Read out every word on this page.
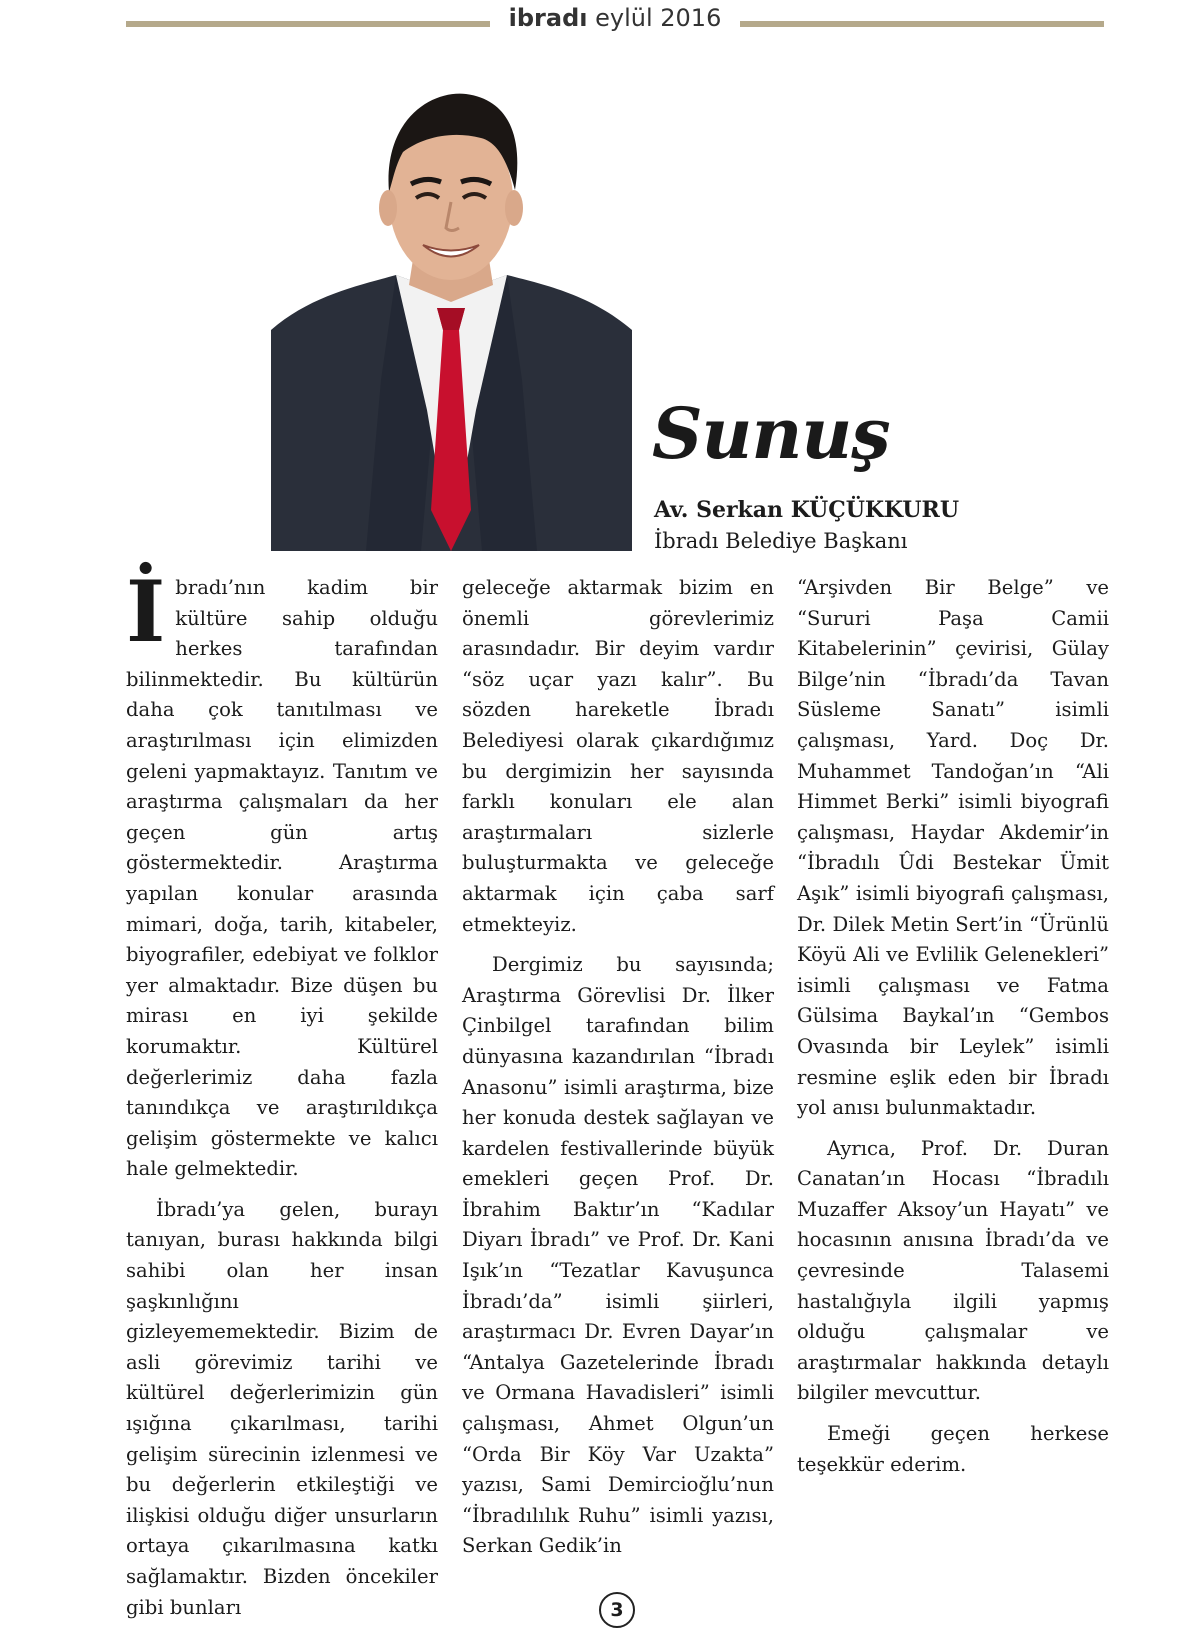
ibradı eylül 2016
Sunuş
Av. Serkan KÜÇÜKKURU
İbradı Belediye Başkanı

İbradı’nın kadim bir kültüre sahip olduğu herkes tarafından bilinmektedir. Bu kültürün daha çok tanıtılması ve araştırılması için elimizden geleni yapmaktayız. Tanıtım ve araştırma çalışmaları da her geçen gün artış göstermektedir. Araştırma yapılan konular arasında mimari, doğa, tarih, kitabeler, biyografiler, edebiyat ve folklor yer almaktadır. Bize düşen bu mirası en iyi şekilde korumaktır. Kültürel değerlerimiz daha fazla tanındıkça ve araştırıldıkça gelişim göstermekte ve kalıcı hale gelmektedir.

İbradı’ya gelen, burayı tanıyan, burası hakkında bilgi sahibi olan her insan şaşkınlığını gizleyememektedir. Bizim de asli görevimiz tarihi ve kültürel değerlerimizin gün ışığına çıkarılması, tarihi gelişim sürecinin izlenmesi ve bu değerlerin etkileştiği ve ilişkisi olduğu diğer unsurların ortaya çıkarılmasına katkı sağlamaktır. Bizden öncekiler gibi bunları

geleceğe aktarmak bizim en önemli görevlerimiz arasındadır. Bir deyim vardır “söz uçar yazı kalır”. Bu sözden hareketle İbradı Belediyesi olarak çıkardığımız bu dergimizin her sayısında farklı konuları ele alan araştırmaları sizlerle buluşturmakta ve geleceğe aktarmak için çaba sarf etmekteyiz.

Dergimiz bu sayısında; Araştırma Görevlisi Dr. İlker Çinbilgel tarafından bilim dünyasına kazandırılan “İbradı Anasonu” isimli araştırma, bize her konuda destek sağlayan ve kardelen festivallerinde büyük emekleri geçen Prof. Dr. İbrahim Baktır’ın “Kadılar Diyarı İbradı” ve Prof. Dr. Kani Işık’ın “Tezatlar Kavuşunca İbradı’da” isimli şiirleri, araştırmacı Dr. Evren Dayar’ın “Antalya Gazetelerinde İbradı ve Ormana Havadisleri” isimli çalışması, Ahmet Olgun’un “Orda Bir Köy Var Uzakta” yazısı, Sami Demircioğlu’nun “İbradılılık Ruhu” isimli yazısı, Serkan Gedik’in

“Arşivden Bir Belge” ve “Sururi Paşa Camii Kitabelerinin” çevirisi, Gülay Bilge’nin “İbradı’da Tavan Süsleme Sanatı” isimli çalışması, Yard. Doç Dr. Muhammet Tandoğan’ın “Ali Himmet Berki” isimli biyografi çalışması, Haydar Akdemir’in “İbradılı Ûdi Bestekar Ümit Aşık” isimli biyografi çalışması, Dr. Dilek Metin Sert’in “Ürünlü Köyü Ali ve Evlilik Gelenekleri” isimli çalışması ve Fatma Gülsima Baykal’ın “Gembos Ovasında bir Leylek” isimli resmine eşlik eden bir İbradı yol anısı bulunmaktadır.

Ayrıca, Prof. Dr. Duran Canatan’ın Hocası “İbradılı Muzaffer Aksoy’un Hayatı” ve hocasının anısına İbradı’da ve çevresinde Talasemi hastalığıyla ilgili yapmış olduğu çalışmalar ve araştırmalar hakkında detaylı bilgiler mevcuttur.

Emeği geçen herkese teşekkür ederim.

3
